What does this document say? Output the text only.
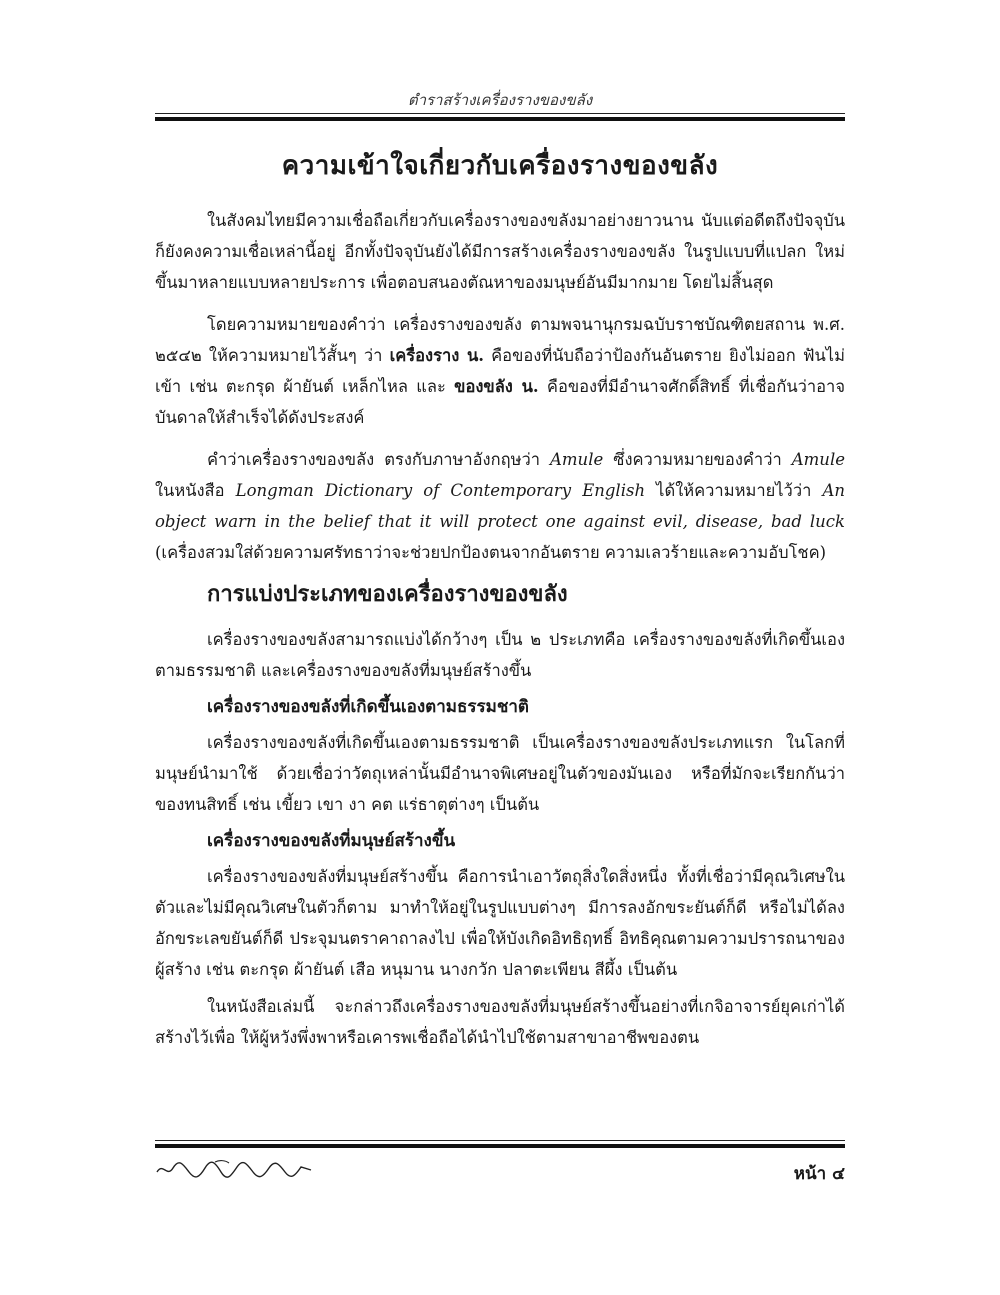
ตำราสร้างเครื่องรางของขลัง
ความเข้าใจเกี่ยวกับเครื่องรางของขลัง

ในสังคมไทยมีความเชื่อถือเกี่ยวกับเครื่องรางของขลังมาอย่างยาวนาน นับแต่อดีตถึงปัจจุบันก็ยังคงความเชื่อเหล่านี้อยู่ อีกทั้งปัจจุบันยังได้มีการสร้างเครื่องรางของขลัง ในรูปแบบที่แปลก ใหม่ขึ้นมาหลายแบบหลายประการ เพื่อตอบสนองตัณหาของมนุษย์อันมีมากมาย โดยไม่สิ้นสุด

โดยความหมายของคำว่า เครื่องรางของขลัง ตามพจนานุกรมฉบับราชบัณฑิตยสถาน พ.ศ. ๒๕๔๒ ให้ความหมายไว้สั้นๆ ว่า เครื่องราง น. คือของที่นับถือว่าป้องกันอันตราย ยิงไม่ออก ฟันไม่เข้า เช่น ตะกรุด ผ้ายันต์ เหล็กไหล และ ของขลัง น. คือของที่มีอำนาจศักดิ์สิทธิ์ ที่เชื่อกันว่าอาจบันดาลให้สำเร็จได้ดังประสงค์

คำว่าเครื่องรางของขลัง ตรงกับภาษาอังกฤษว่า Amule ซึ่งความหมายของคำว่า Amule ในหนังสือ Longman Dictionary of Contemporary English ได้ให้ความหมายไว้ว่า An object warn in the belief that it will protect one against evil, disease, bad luck (เครื่องสวมใส่ด้วยความศรัทธาว่าจะช่วยปกป้องตนจากอันตราย ความเลวร้ายและความอับโชค)

การแบ่งประเภทของเครื่องรางของขลัง

เครื่องรางของขลังสามารถแบ่งได้กว้างๆ เป็น ๒ ประเภทคือ เครื่องรางของขลังที่เกิดขึ้นเองตามธรรมชาติ และเครื่องรางของขลังที่มนุษย์สร้างขึ้น

เครื่องรางของขลังที่เกิดขึ้นเองตามธรรมชาติ

เครื่องรางของขลังที่เกิดขึ้นเองตามธรรมชาติ เป็นเครื่องรางของขลังประเภทแรก ในโลกที่มนุษย์นำมาใช้ ด้วยเชื่อว่าวัตถุเหล่านั้นมีอำนาจพิเศษอยู่ในตัวของมันเอง หรือที่มักจะเรียกกันว่า ของทนสิทธิ์ เช่น เขี้ยว เขา งา คต แร่ธาตุต่างๆ เป็นต้น

เครื่องรางของขลังที่มนุษย์สร้างขึ้น

เครื่องรางของขลังที่มนุษย์สร้างขึ้น คือการนำเอาวัตถุสิ่งใดสิ่งหนึ่ง ทั้งที่เชื่อว่ามีคุณวิเศษในตัวและไม่มีคุณวิเศษในตัวก็ตาม มาทำให้อยู่ในรูปแบบต่างๆ มีการลงอักขระยันต์ก็ดี หรือไม่ได้ลงอักขระเลขยันต์ก็ดี ประจุมนตราคาถาลงไป เพื่อให้บังเกิดอิทธิฤทธิ์ อิทธิคุณตามความปรารถนาของผู้สร้าง เช่น ตะกรุด ผ้ายันต์ เสือ หนุมาน นางกวัก ปลาตะเพียน สีผึ้ง เป็นต้น

ในหนังสือเล่มนี้ จะกล่าวถึงเครื่องรางของขลังที่มนุษย์สร้างขึ้นอย่างที่เกจิอาจารย์ยุคเก่าได้สร้างไว้เพื่อ ให้ผู้หวังพึ่งพาหรือเคารพเชื่อถือได้นำไปใช้ตามสาขาอาชีพของตน

หน้า ๔
